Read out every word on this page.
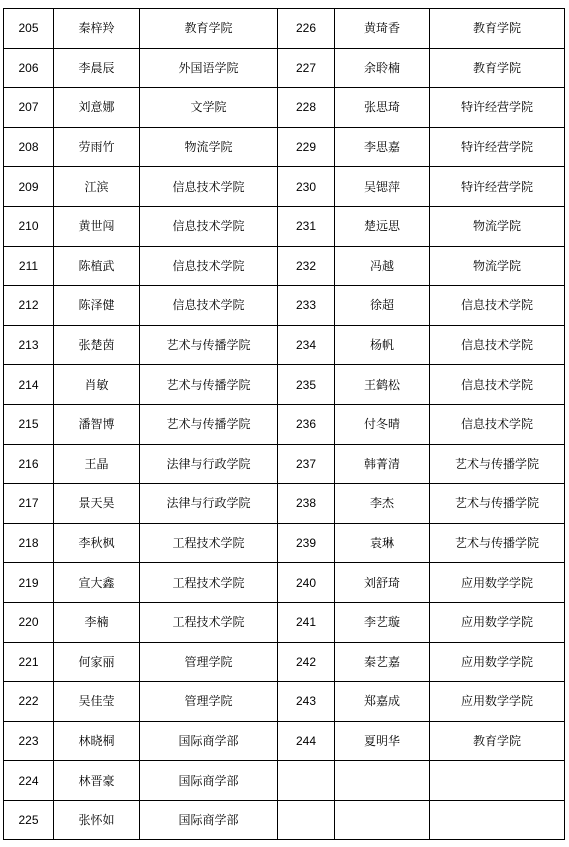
205	秦梓羚	教育学院	226	黄琦香	教育学院
206	李晨辰	外国语学院	227	余聆楠	教育学院
207	刘意娜	文学院	228	张思琦	特许经营学院
208	劳雨竹	物流学院	229	李思嘉	特许经营学院
209	江滨	信息技术学院	230	吴锶萍	特许经营学院
210	黄世闯	信息技术学院	231	楚远思	物流学院
211	陈植武	信息技术学院	232	冯越	物流学院
212	陈泽健	信息技术学院	233	徐超	信息技术学院
213	张楚茵	艺术与传播学院	234	杨帆	信息技术学院
214	肖敏	艺术与传播学院	235	王鹤松	信息技术学院
215	潘智博	艺术与传播学院	236	付冬晴	信息技术学院
216	王晶	法律与行政学院	237	韩菁清	艺术与传播学院
217	景天昊	法律与行政学院	238	李杰	艺术与传播学院
218	李秋枫	工程技术学院	239	袁琳	艺术与传播学院
219	宣大鑫	工程技术学院	240	刘舒琦	应用数学学院
220	李楠	工程技术学院	241	李艺璇	应用数学学院
221	何家丽	管理学院	242	秦艺嘉	应用数学学院
222	吴佳莹	管理学院	243	郑嘉成	应用数学学院
223	林晓桐	国际商学部	244	夏明华	教育学院
224	林晋豪	国际商学部			
225	张怀如	国际商学部			
